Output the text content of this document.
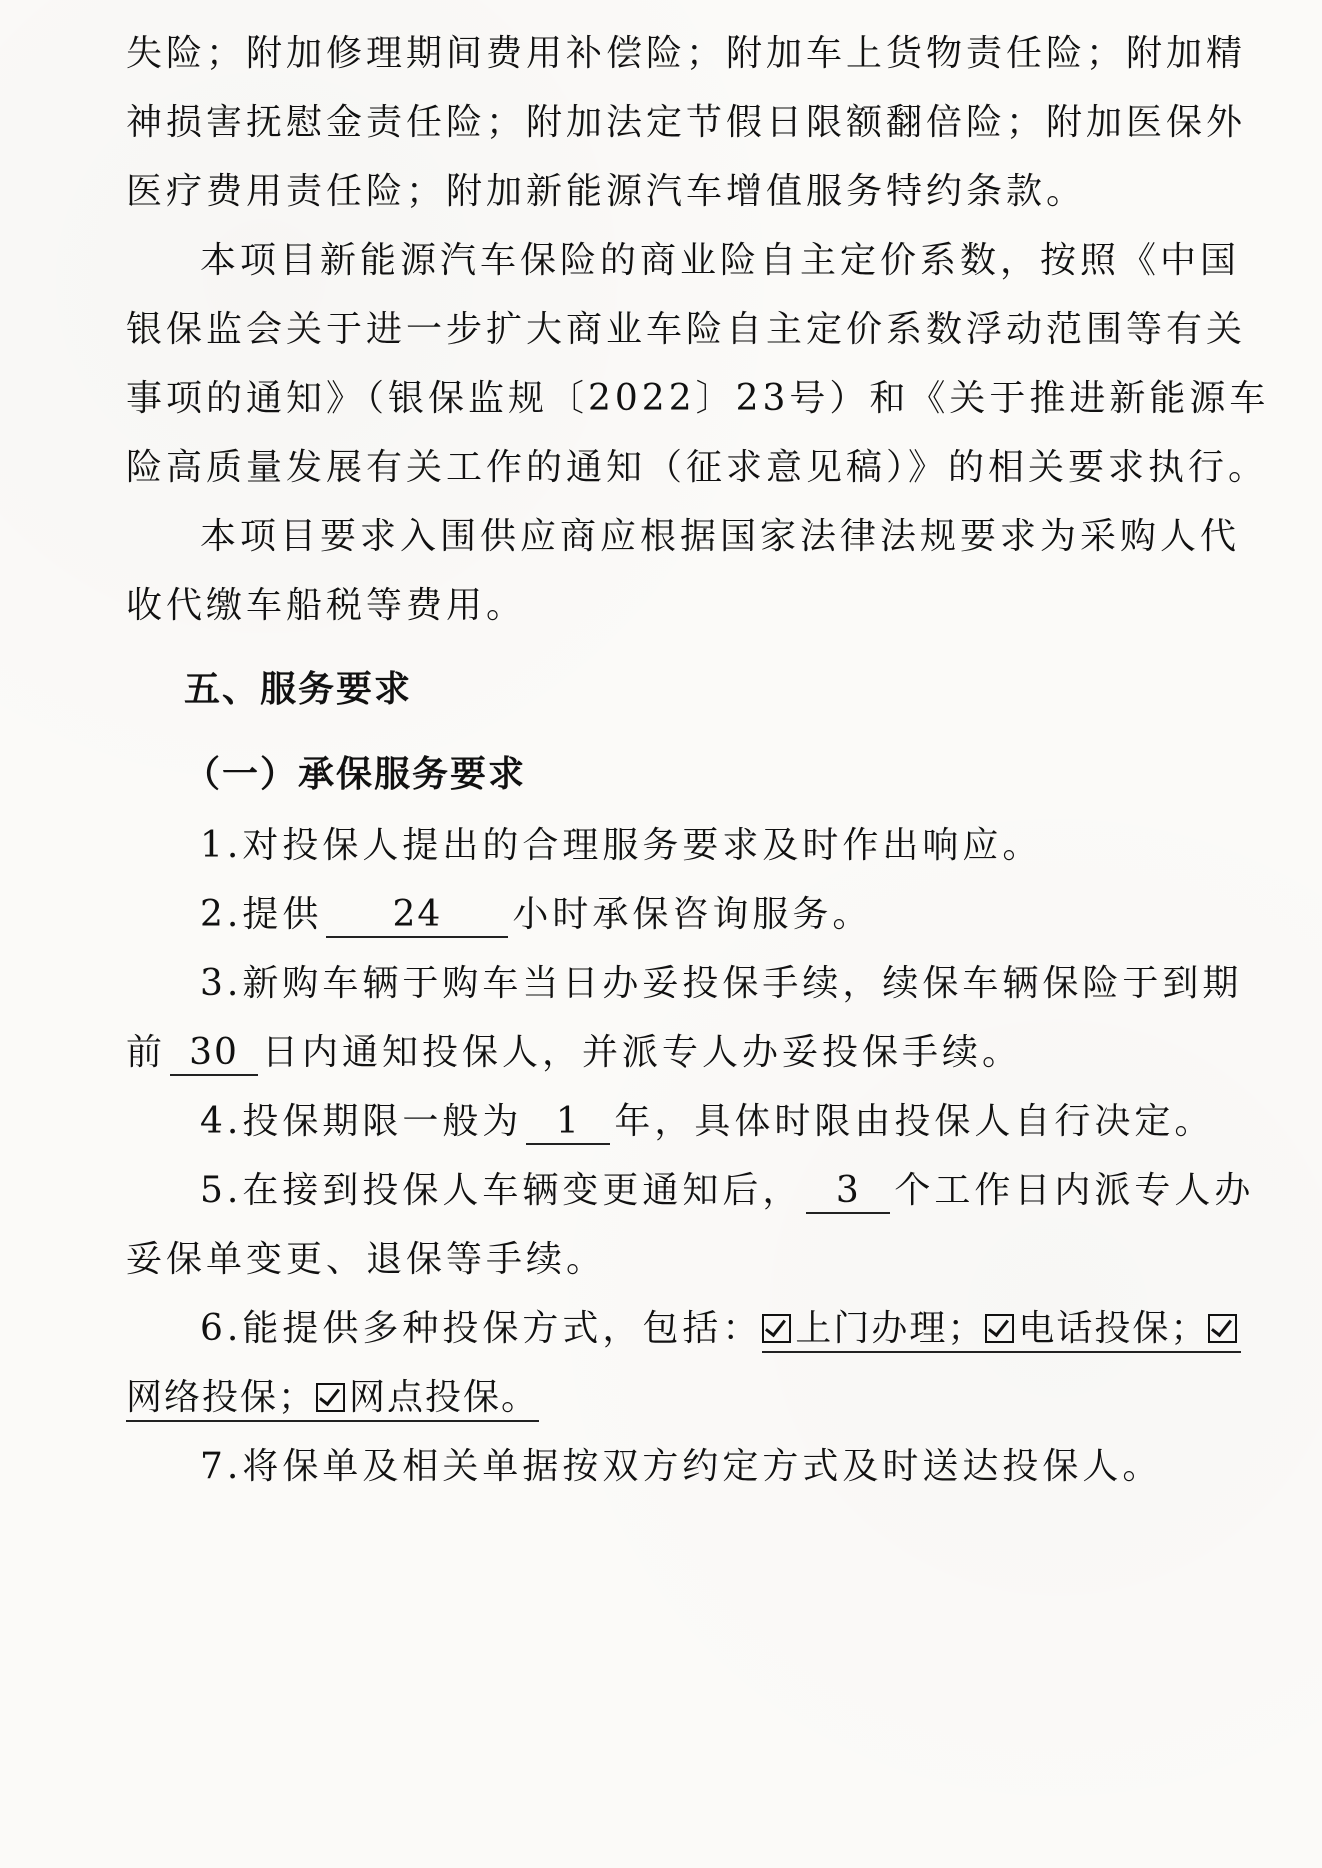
失险；附加修理期间费用补偿险；附加车上货物责任险；附加精
神损害抚慰金责任险；附加法定节假日限额翻倍险；附加医保外
医疗费用责任险；附加新能源汽车增值服务特约条款。
本项目新能源汽车保险的商业险自主定价系数，按照《中国
银保监会关于进一步扩大商业车险自主定价系数浮动范围等有关
事项的通知》（银保监规〔2022〕23号）和《关于推进新能源车
险高质量发展有关工作的通知（征求意见稿）》的相关要求执行。
本项目要求入围供应商应根据国家法律法规要求为采购人代
收代缴车船税等费用。
五、服务要求
（一）承保服务要求
1.对投保人提出的合理服务要求及时作出响应。
2.提供 24 小时承保咨询服务。
3.新购车辆于购车当日办妥投保手续，续保车辆保险于到期
前 30 日内通知投保人，并派专人办妥投保手续。
4.投保期限一般为 1 年，具体时限由投保人自行决定。
5.在接到投保人车辆变更通知后， 3 个工作日内派专人办
妥保单变更、退保等手续。
6.能提供多种投保方式，包括： 上门办理； 电话投保；
网络投保； 网点投保。
7.将保单及相关单据按双方约定方式及时送达投保人。
